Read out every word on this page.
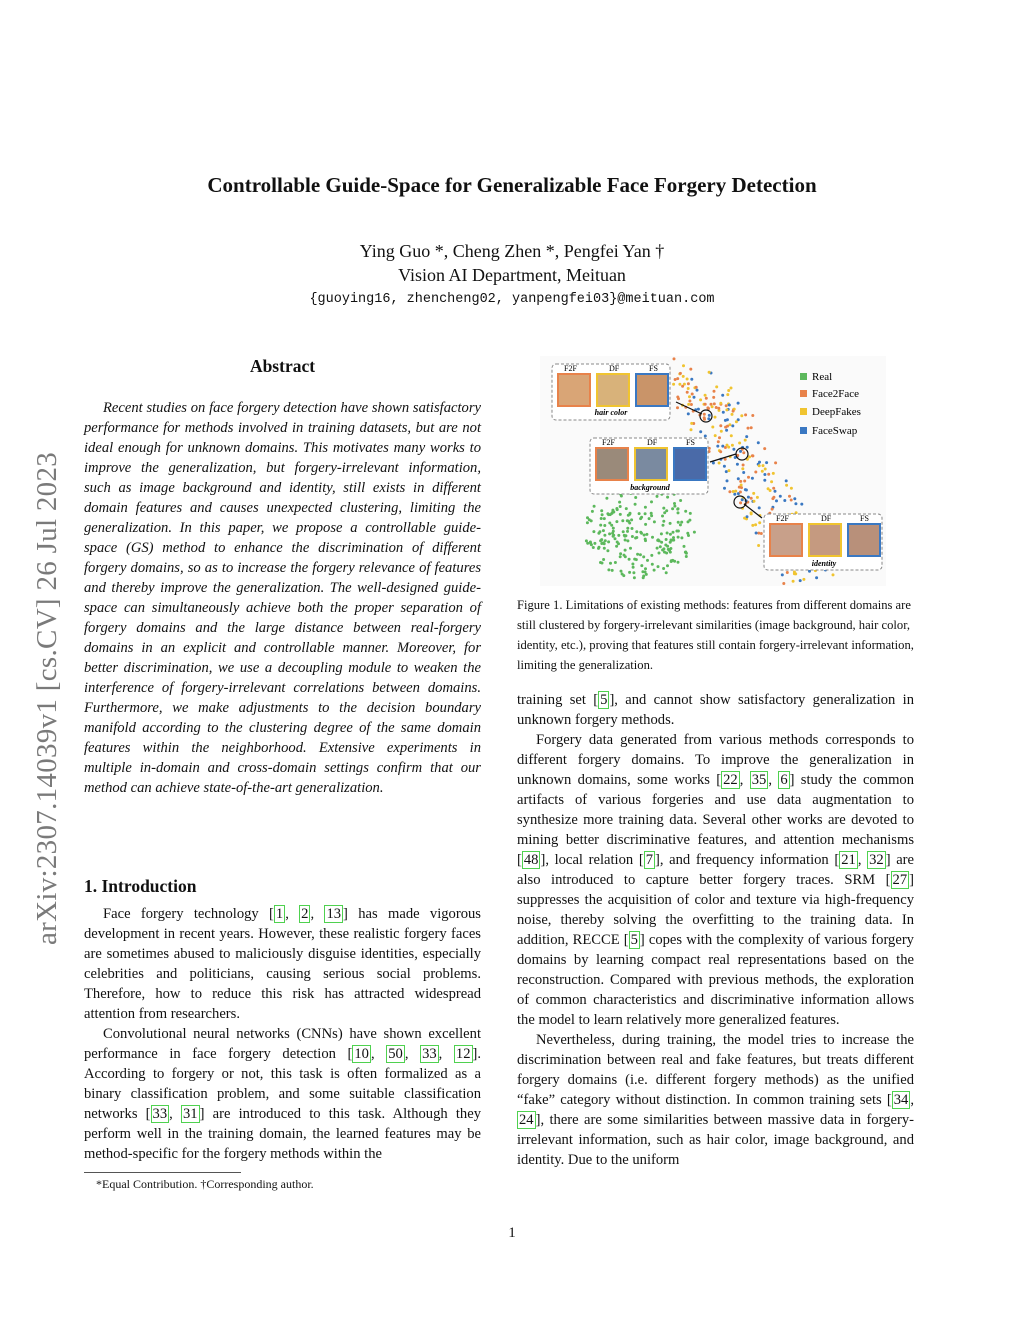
Controllable Guide-Space for Generalizable Face Forgery Detection
Ying Guo *, Cheng Zhen *, Pengfei Yan †
Vision AI Department, Meituan
{guoying16, zhencheng02, yanpengfei03}@meituan.com
arXiv:2307.14039v1 [cs.CV] 26 Jul 2023
Abstract

Recent studies on face forgery detection have shown satisfactory performance for methods involved in training datasets, but are not ideal enough for unknown domains. This motivates many works to improve the generalization, but forgery-irrelevant information, such as image background and identity, still exists in different domain features and causes unexpected clustering, limiting the generalization. In this paper, we propose a controllable guide-space (GS) method to enhance the discrimination of different forgery domains, so as to increase the forgery relevance of features and thereby improve the generalization. The well-designed guide-space can simultaneously achieve both the proper separation of forgery domains and the large distance between real-forgery domains in an explicit and controllable manner. Moreover, for better discrimination, we use a decoupling module to weaken the interference of forgery-irrelevant correlations between domains. Furthermore, we make adjustments to the decision boundary manifold according to the clustering degree of the same domain features within the neighborhood. Extensive experiments in multiple in-domain and cross-domain settings confirm that our method can achieve state-of-the-art generalization.

1. Introduction

Face forgery technology [ 1 , 2 , 13 ] has made vigorous development in recent years. However, these realistic forgery faces are sometimes abused to maliciously disguise identities, especially celebrities and politicians, causing serious social problems. Therefore, how to reduce this risk has attracted widespread attention from researchers.

Convolutional neural networks (CNNs) have shown excellent performance in face forgery detection [ 10 , 50 , 33 , 12 ]. According to forgery or not, this task is often formalized as a binary classification problem, and some suitable classification networks [ 33 , 31 ] are introduced to this task. Although they perform well in the training domain, the learned features may be method-specific for the forgery methods within the

*Equal Contribution. †Corresponding author.
F2F	DF	FS
hair color
F2F	DF	FS
background
F2F	DF	FS
identity
Real
Face2Face
DeepFakes
FaceSwap
Figure 1. Limitations of existing methods: features from different domains are still clustered by forgery-irrelevant similarities (image background, hair color, identity, etc.), proving that features still contain forgery-irrelevant information, limiting the generalization.

training set [ 5 ], and cannot show satisfactory generalization in unknown forgery methods.

Forgery data generated from various methods corresponds to different forgery domains. To improve the generalization in unknown domains, some works [ 22 , 35 , 6 ] study the common artifacts of various forgeries and use data augmentation to synthesize more training data. Several other works are devoted to mining better discriminative features, and attention mechanisms [ 48 ], local relation [ 7 ], and frequency information [ 21 , 32 ] are also introduced to capture better forgery traces. SRM [ 27 ] suppresses the acquisition of color and texture via high-frequency noise, thereby solving the overfitting to the training data. In addition, RECCE [ 5 ] copes with the complexity of various forgery domains by learning compact real representations based on the reconstruction. Compared with previous methods, the exploration of common characteristics and discriminative information allows the model to learn relatively more generalized features.

Nevertheless, during training, the model tries to increase the discrimination between real and fake features, but treats different forgery domains (i.e. different forgery methods) as the unified “fake” category without distinction. In common training sets [ 34 , 24 ], there are some similarities between massive data in forgery-irrelevant information, such as hair color, image background, and identity. Due to the uniform

1
